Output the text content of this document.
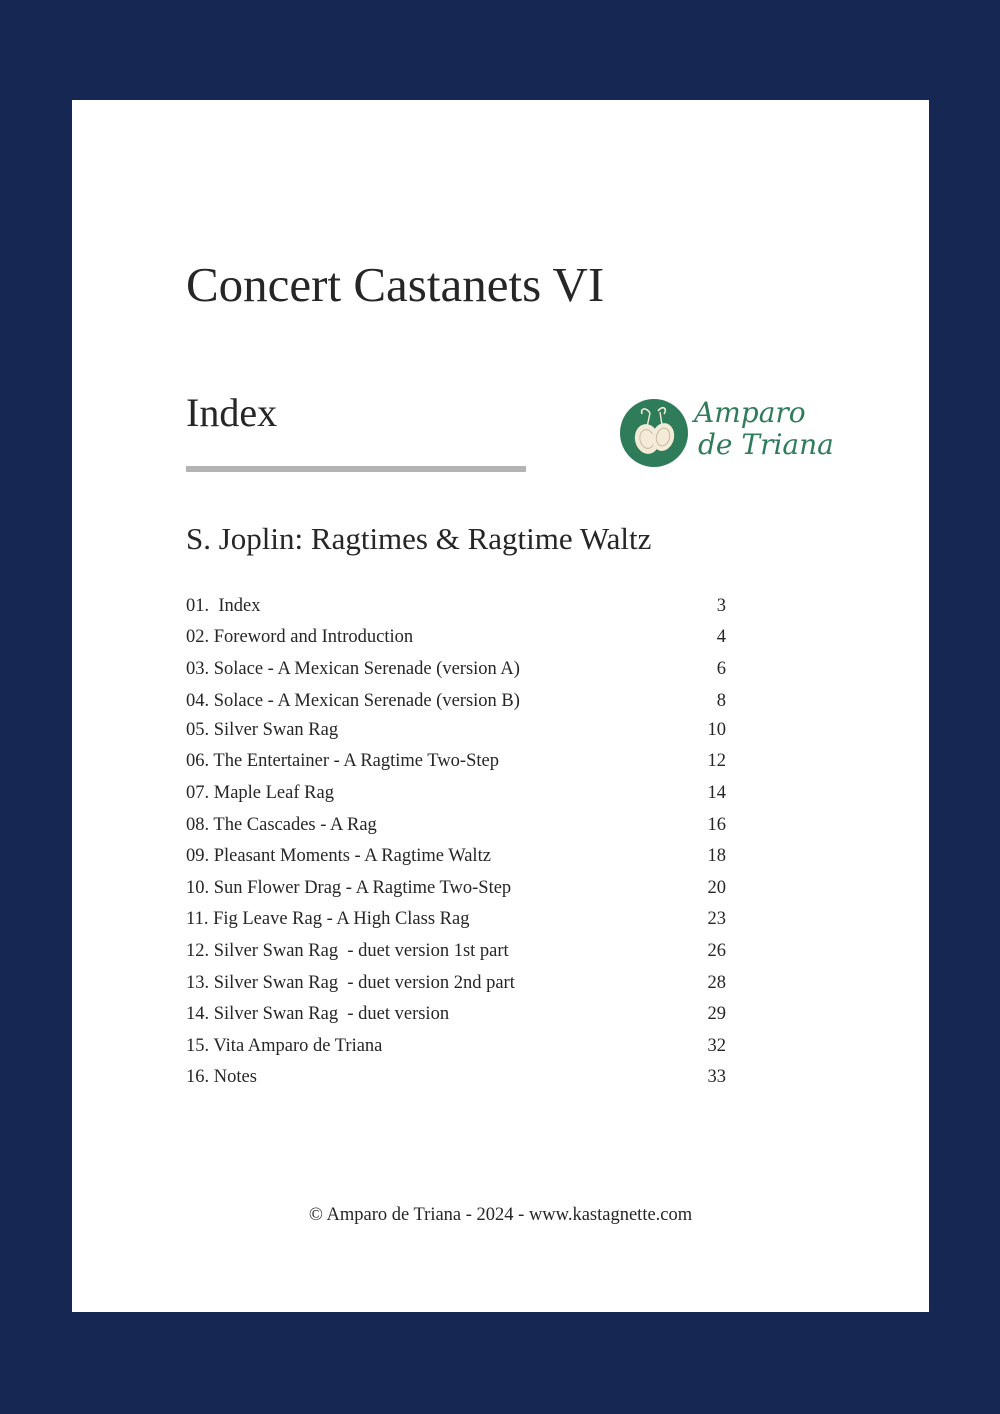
Concert Castanets VI
Index	Amparo
de Triana
S. Joplin: Ragtimes & Ragtime Waltz
01.  Index	3
02. Foreword and Introduction	4
03. Solace - A Mexican Serenade (version A)	6
04. Solace - A Mexican Serenade (version B)	8
05. Silver Swan Rag	10
06. The Entertainer - A Ragtime Two-Step	12
07. Maple Leaf Rag	14
08. The Cascades - A Rag	16
09. Pleasant Moments - A Ragtime Waltz	18
10. Sun Flower Drag - A Ragtime Two-Step	20
11. Fig Leave Rag - A High Class Rag	23
12. Silver Swan Rag  - duet version 1st part	26
13. Silver Swan Rag  - duet version 2nd part	28
14. Silver Swan Rag  - duet version	29
15. Vita Amparo de Triana	32
16. Notes	33
© Amparo de Triana - 2024 - www.kastagnette.com
